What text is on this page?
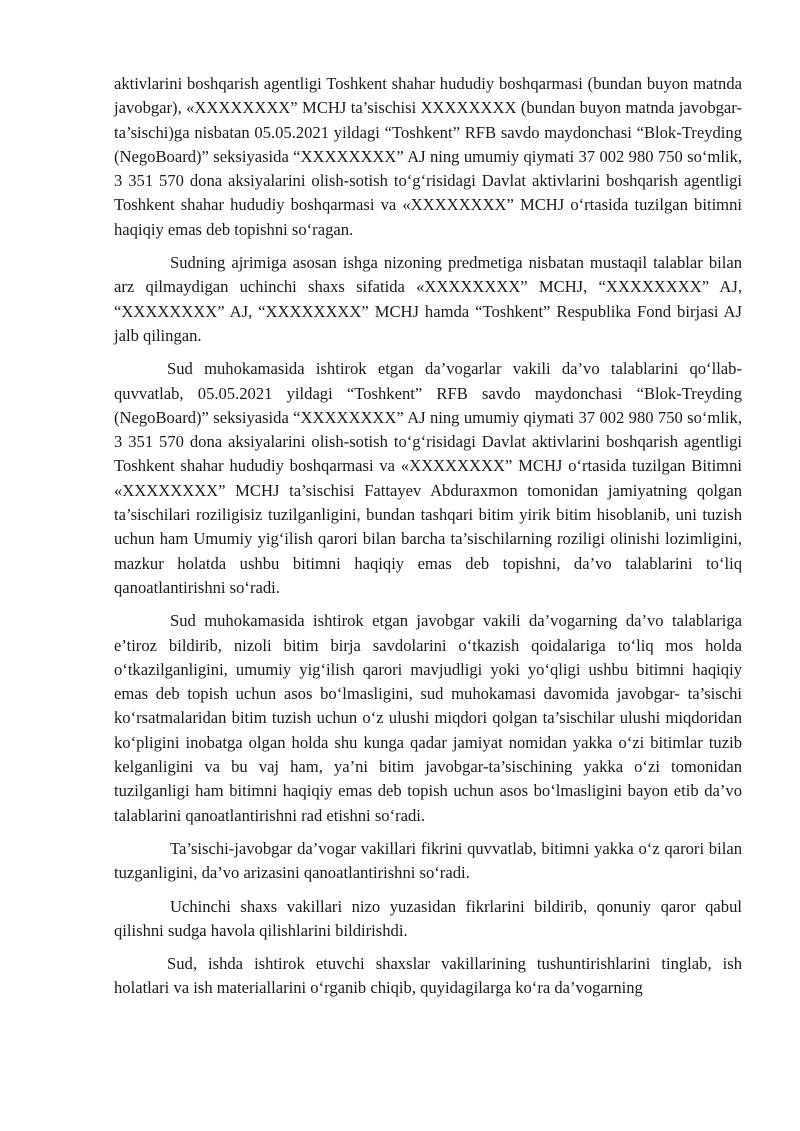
aktivlarini boshqarish agentligi Toshkent shahar hududiy boshqarmasi (bundan buyon matnda javobgar), «XXXXXXXX” MCHJ ta’sischisi XXXXXXXX (bundan buyon matnda javobgar-ta’sischi)ga nisbatan 05.05.2021 yildagi “Toshkent” RFB savdo maydonchasi “Blok-Treyding (NegoBoard)” seksiyasida “XXXXXXXX” AJ ning umumiy qiymati 37 002 980 750 so‘mlik, 3 351 570 dona aksiyalarini olish-sotish to‘g‘risidagi Davlat aktivlarini boshqarish agentligi Toshkent shahar hududiy boshqarmasi va «XXXXXXXX” MCHJ o‘rtasida tuzilgan bitimni haqiqiy emas deb topishni so‘ragan.

Sudning ajrimiga asosan ishga nizoning predmetiga nisbatan mustaqil talablar bilan arz qilmaydigan uchinchi shaxs sifatida «XXXXXXXX” MCHJ, “XXXXXXXX” AJ, “XXXXXXXX” AJ, “XXXXXXXX” MCHJ hamda “Toshkent” Respublika Fond birjasi AJ jalb qilingan.

Sud muhokamasida ishtirok etgan da’vogarlar vakili da’vo talablarini qo‘llab-quvvatlab, 05.05.2021 yildagi “Toshkent” RFB savdo maydonchasi “Blok-Treyding (NegoBoard)” seksiyasida “XXXXXXXX” AJ ning umumiy qiymati 37 002 980 750 so‘mlik, 3 351 570 dona aksiyalarini olish-sotish to‘g‘risidagi Davlat aktivlarini boshqarish agentligi Toshkent shahar hududiy boshqarmasi va «XXXXXXXX” MCHJ o‘rtasida tuzilgan Bitimni «XXXXXXXX” MCHJ ta’sischisi Fattayev Abduraxmon tomonidan jamiyatning qolgan ta’sischilari roziligisiz tuzilganligini, bundan tashqari bitim yirik bitim hisoblanib, uni tuzish uchun ham Umumiy yig‘ilish qarori bilan barcha ta’sischilarning roziligi olinishi lozimligini, mazkur holatda ushbu bitimni haqiqiy emas deb topishni, da’vo talablarini to‘liq qanoatlantirishni so‘radi.

Sud muhokamasida ishtirok etgan javobgar vakili da’vogarning da’vo talablariga e’tiroz bildirib, nizoli bitim birja savdolarini o‘tkazish qoidalariga to‘liq mos holda o‘tkazilganligini, umumiy yig‘ilish qarori mavjudligi yoki yo‘qligi ushbu bitimni haqiqiy emas deb topish uchun asos bo‘lmasligini, sud muhokamasi davomida javobgar- ta’sischi ko‘rsatmalaridan bitim tuzish uchun o‘z ulushi miqdori qolgan ta’sischilar ulushi miqdoridan ko‘pligini inobatga olgan holda shu kunga qadar jamiyat nomidan yakka o‘zi bitimlar tuzib kelganligini va bu vaj ham, ya’ni bitim javobgar-ta’sischining yakka o‘zi tomonidan tuzilganligi ham bitimni haqiqiy emas deb topish uchun asos bo‘lmasligini bayon etib da’vo talablarini qanoatlantirishni rad etishni so‘radi.

Ta’sischi-javobgar da’vogar vakillari fikrini quvvatlab, bitimni yakka o‘z qarori bilan tuzganligini, da’vo arizasini qanoatlantirishni so‘radi.

Uchinchi shaxs vakillari nizo yuzasidan fikrlarini bildirib, qonuniy qaror qabul qilishni sudga havola qilishlarini bildirishdi.

Sud, ishda ishtirok etuvchi shaxslar vakillarining tushuntirishlarini tinglab, ish holatlari va ish materiallarini o‘rganib chiqib, quyidagilarga ko‘ra da’vogarning
